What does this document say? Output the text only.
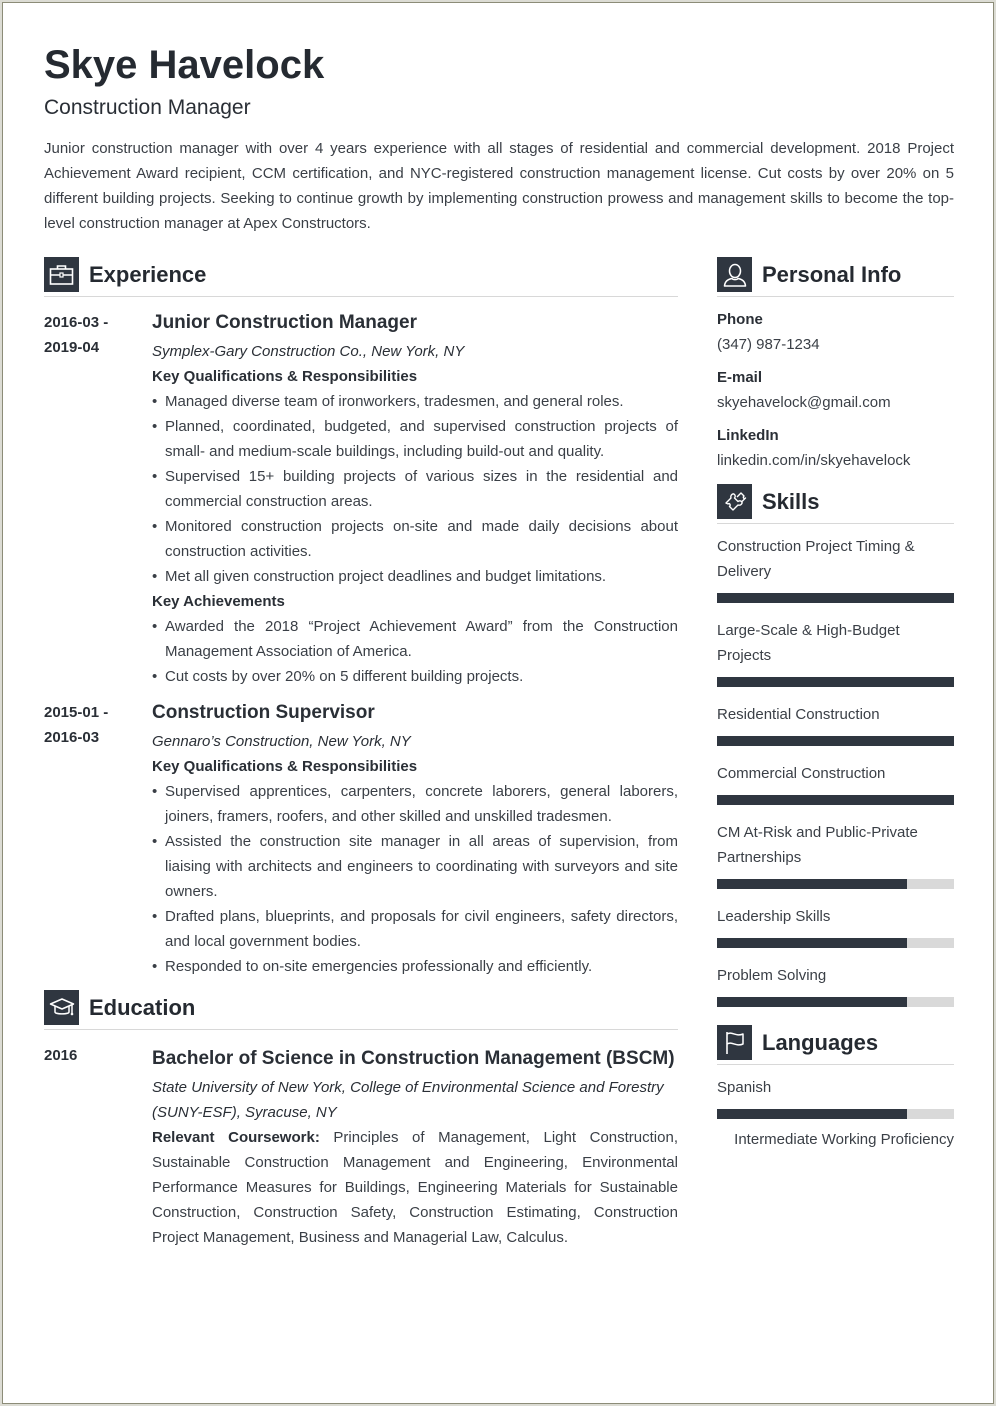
Skye Havelock
Construction Manager
Junior construction manager with over 4 years experience with all stages of residential and commercial development. 2018 Project Achievement Award recipient, CCM certification, and NYC-registered construction management license. Cut costs by over 20% on 5 different building projects. Seeking to continue growth by implementing construction prowess and management skills to become the top-level construction manager at Apex Constructors.
Experience
2016-03 -
2019-04
Junior Construction Manager
Symplex-Gary Construction Co., New York, NY
Key Qualifications & Responsibilities
• Managed diverse team of ironworkers, tradesmen, and general roles.
• Planned, coordinated, budgeted, and supervised construction projects of small- and medium-scale buildings, including build-out and quality.
• Supervised 15+ building projects of various sizes in the residential and commercial construction areas.
• Monitored construction projects on-site and made daily decisions about construction activities.
• Met all given construction project deadlines and budget limitations.
Key Achievements
• Awarded the 2018 “Project Achievement Award” from the Construction Management Association of America.
• Cut costs by over 20% on 5 different building projects.
2015-01 -
2016-03
Construction Supervisor
Gennaro’s Construction, New York, NY
Key Qualifications & Responsibilities
• Supervised apprentices, carpenters, concrete laborers, general laborers, joiners, framers, roofers, and other skilled and unskilled tradesmen.
• Assisted the construction site manager in all areas of supervision, from liaising with architects and engineers to coordinating with surveyors and site owners.
• Drafted plans, blueprints, and proposals for civil engineers, safety directors, and local government bodies.
• Responded to on-site emergencies professionally and efficiently.
Education
2016	Bachelor of Science in Construction Management (BSCM)
State University of New York, College of Environmental Science and Forestry (SUNY-ESF), Syracuse, NY
Relevant Coursework: Principles of Management, Light Construction, Sustainable Construction Management and Engineering, Environmental Performance Measures for Buildings, Engineering Materials for Sustainable Construction, Construction Safety, Construction Estimating, Construction Project Management, Business and Managerial Law, Calculus.
Personal Info
Phone
(347) 987-1234
E-mail
skyehavelock@gmail.com
LinkedIn
linkedin.com/in/skyehavelock
Skills
Construction Project Timing & Delivery
Large-Scale & High-Budget Projects
Residential Construction
Commercial Construction
CM At-Risk and Public-Private Partnerships
Leadership Skills
Problem Solving
Languages
Spanish
Intermediate Working Proficiency
